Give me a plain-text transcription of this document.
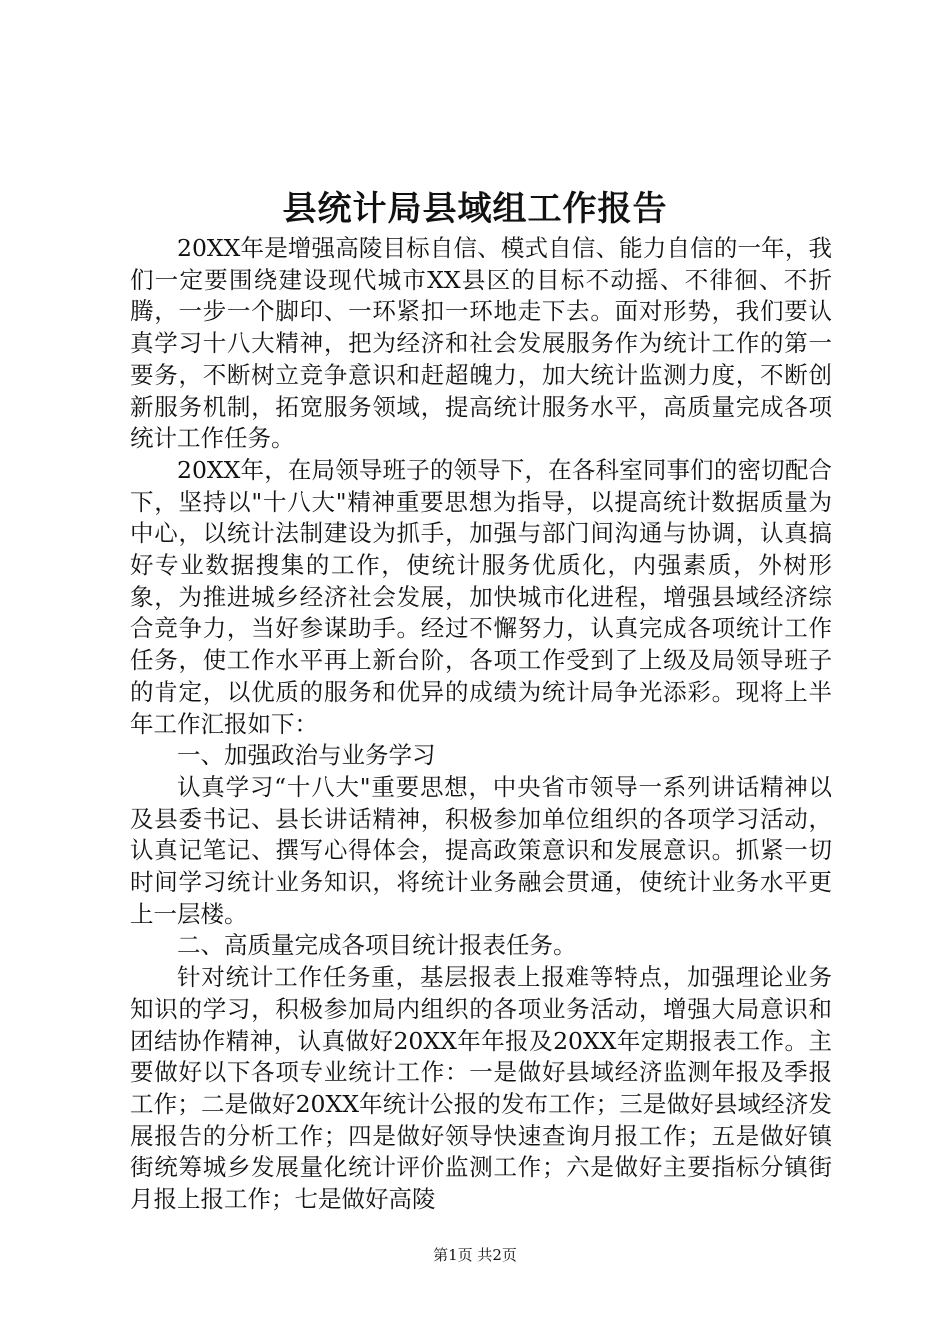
县统计局县域组工作报告

20XX年是增强高陵目标自信、模式自信、能力自信的一年，我们一定要围绕建设现代城市XX县区的目标不动摇、不徘徊、不折腾，一步一个脚印、一环紧扣一环地走下去。面对形势，我们要认真学习十八大精神，把为经济和社会发展服务作为统计工作的第一要务，不断树立竞争意识和赶超魄力，加大统计监测力度，不断创新服务机制，拓宽服务领域，提高统计服务水平，高质量完成各项统计工作任务。

20XX年，在局领导班子的领导下，在各科室同事们的密切配合下，坚持以"十八大"精神重要思想为指导，以提高统计数据质量为中心，以统计法制建设为抓手，加强与部门间沟通与协调，认真搞好专业数据搜集的工作，使统计服务优质化，内强素质，外树形象，为推进城乡经济社会发展，加快城市化进程，增强县域经济综合竞争力，当好参谋助手。经过不懈努力，认真完成各项统计工作任务，使工作水平再上新台阶，各项工作受到了上级及局领导班子的肯定，以优质的服务和优异的成绩为统计局争光添彩。现将上半年工作汇报如下：

一、加强政治与业务学习

认真学习“十八大"重要思想，中央省市领导一系列讲话精神以及县委书记、县长讲话精神，积极参加单位组织的各项学习活动，认真记笔记、撰写心得体会，提高政策意识和发展意识。抓紧一切时间学习统计业务知识，将统计业务融会贯通，使统计业务水平更上一层楼。

二、高质量完成各项目统计报表任务。

针对统计工作任务重，基层报表上报难等特点，加强理论业务知识的学习，积极参加局内组织的各项业务活动，增强大局意识和团结协作精神，认真做好20XX年年报及20XX年定期报表工作。主要做好以下各项专业统计工作：一是做好县域经济监测年报及季报工作；二是做好20XX年统计公报的发布工作；三是做好县域经济发展报告的分析工作；四是做好领导快速查询月报工作；五是做好镇街统筹城乡发展量化统计评价监测工作；六是做好主要指标分镇街月报上报工作；七是做好高陵

第1页 共2页
